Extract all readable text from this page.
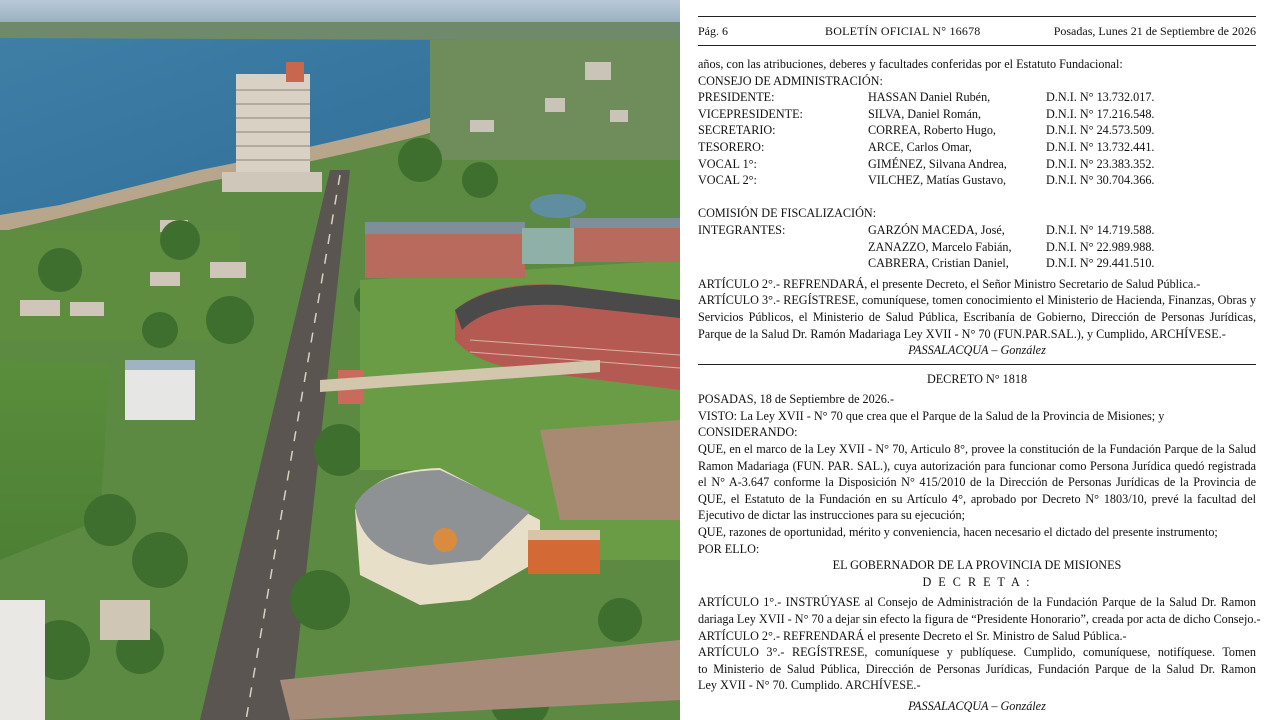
Pág. 6	BOLETÍN OFICIAL N° 16678	Posadas, Lunes 21 de Septiembre de 2026
años, con las atribuciones, deberes y facultades conferidas por el Estatuto Fundacional:
CONSEJO DE ADMINISTRACIÓN:
PRESIDENTE:	HASSAN Daniel Rubén,	D.N.I. N° 13.732.017.
VICEPRESIDENTE:	SILVA, Daniel Román,	D.N.I. N° 17.216.548.
SECRETARIO:	CORREA, Roberto Hugo,	D.N.I. N° 24.573.509.
TESORERO:	ARCE, Carlos Omar,	D.N.I. N° 13.732.441.
VOCAL 1°:	GIMÉNEZ, Silvana Andrea,	D.N.I. N° 23.383.352.
VOCAL 2°:	VILCHEZ, Matías Gustavo,	D.N.I. N° 30.704.366.
COMISIÓN DE FISCALIZACIÓN:
INTEGRANTES:	GARZÓN MACEDA, José,	D.N.I. N° 14.719.588.
ZANAZZO, Marcelo Fabián,	D.N.I. N° 22.989.988.
CABRERA, Cristian Daniel,	D.N.I. N° 29.441.510.
ARTÍCULO 2°.- REFRENDARÁ, el presente Decreto, el Señor Ministro Secretario de Salud Pública.-
ARTÍCULO 3°.- REGÍSTRESE, comuníquese, tomen conocimiento el Ministerio de Hacienda, Finanzas, Obras y
Servicios Públicos, el Ministerio de Salud Pública, Escribanía de Gobierno, Dirección de Personas Jurídicas,
Parque de la Salud Dr. Ramón Madariaga Ley XVII - N° 70 (FUN.PAR.SAL.), y Cumplido, ARCHÍVESE.-
PASSALACQUA – González
DECRETO N° 1818
POSADAS, 18 de Septiembre de 2026.-
VISTO: La Ley XVII - N° 70 que crea que el Parque de la Salud de la Provincia de Misiones; y
CONSIDERANDO:
QUE, en el marco de la Ley XVII - N° 70, Articulo 8°, provee la constitución de la Fundación Parque de la Salud
Ramon Madariaga (FUN. PAR. SAL.), cuya autorización para funcionar como Persona Jurídica quedó registrada
el N° A-3.647 conforme la Disposición N° 415/2010 de la Dirección de Personas Jurídicas de la Provincia de
QUE, el Estatuto de la Fundación en su Artículo 4°, aprobado por Decreto N° 1803/10, prevé la facultad del
Ejecutivo de dictar las instrucciones para su ejecución;
QUE, razones de oportunidad, mérito y conveniencia, hacen necesario el dictado del presente instrumento;
POR ELLO:
EL GOBERNADOR DE LA PROVINCIA DE MISIONES
D E C R E T A :
ARTÍCULO 1°.- INSTRÚYASE al Consejo de Administración de la Fundación Parque de la Salud Dr. Ramon
dariaga Ley XVII - N° 70 a dejar sin efecto la figura de “Presidente Honorario”, creada por acta de dicho Consejo.-
ARTÍCULO 2°.- REFRENDARÁ el presente Decreto el Sr. Ministro de Salud Pública.-
ARTÍCULO 3°.- REGÍSTRESE, comuníquese y publíquese. Cumplido, comuníquese, notifíquese. Tomen
to Ministerio de Salud Pública, Dirección de Personas Jurídicas, Fundación Parque de la Salud Dr. Ramon
Ley XVII - N° 70. Cumplido. ARCHÍVESE.-
PASSALACQUA – González
